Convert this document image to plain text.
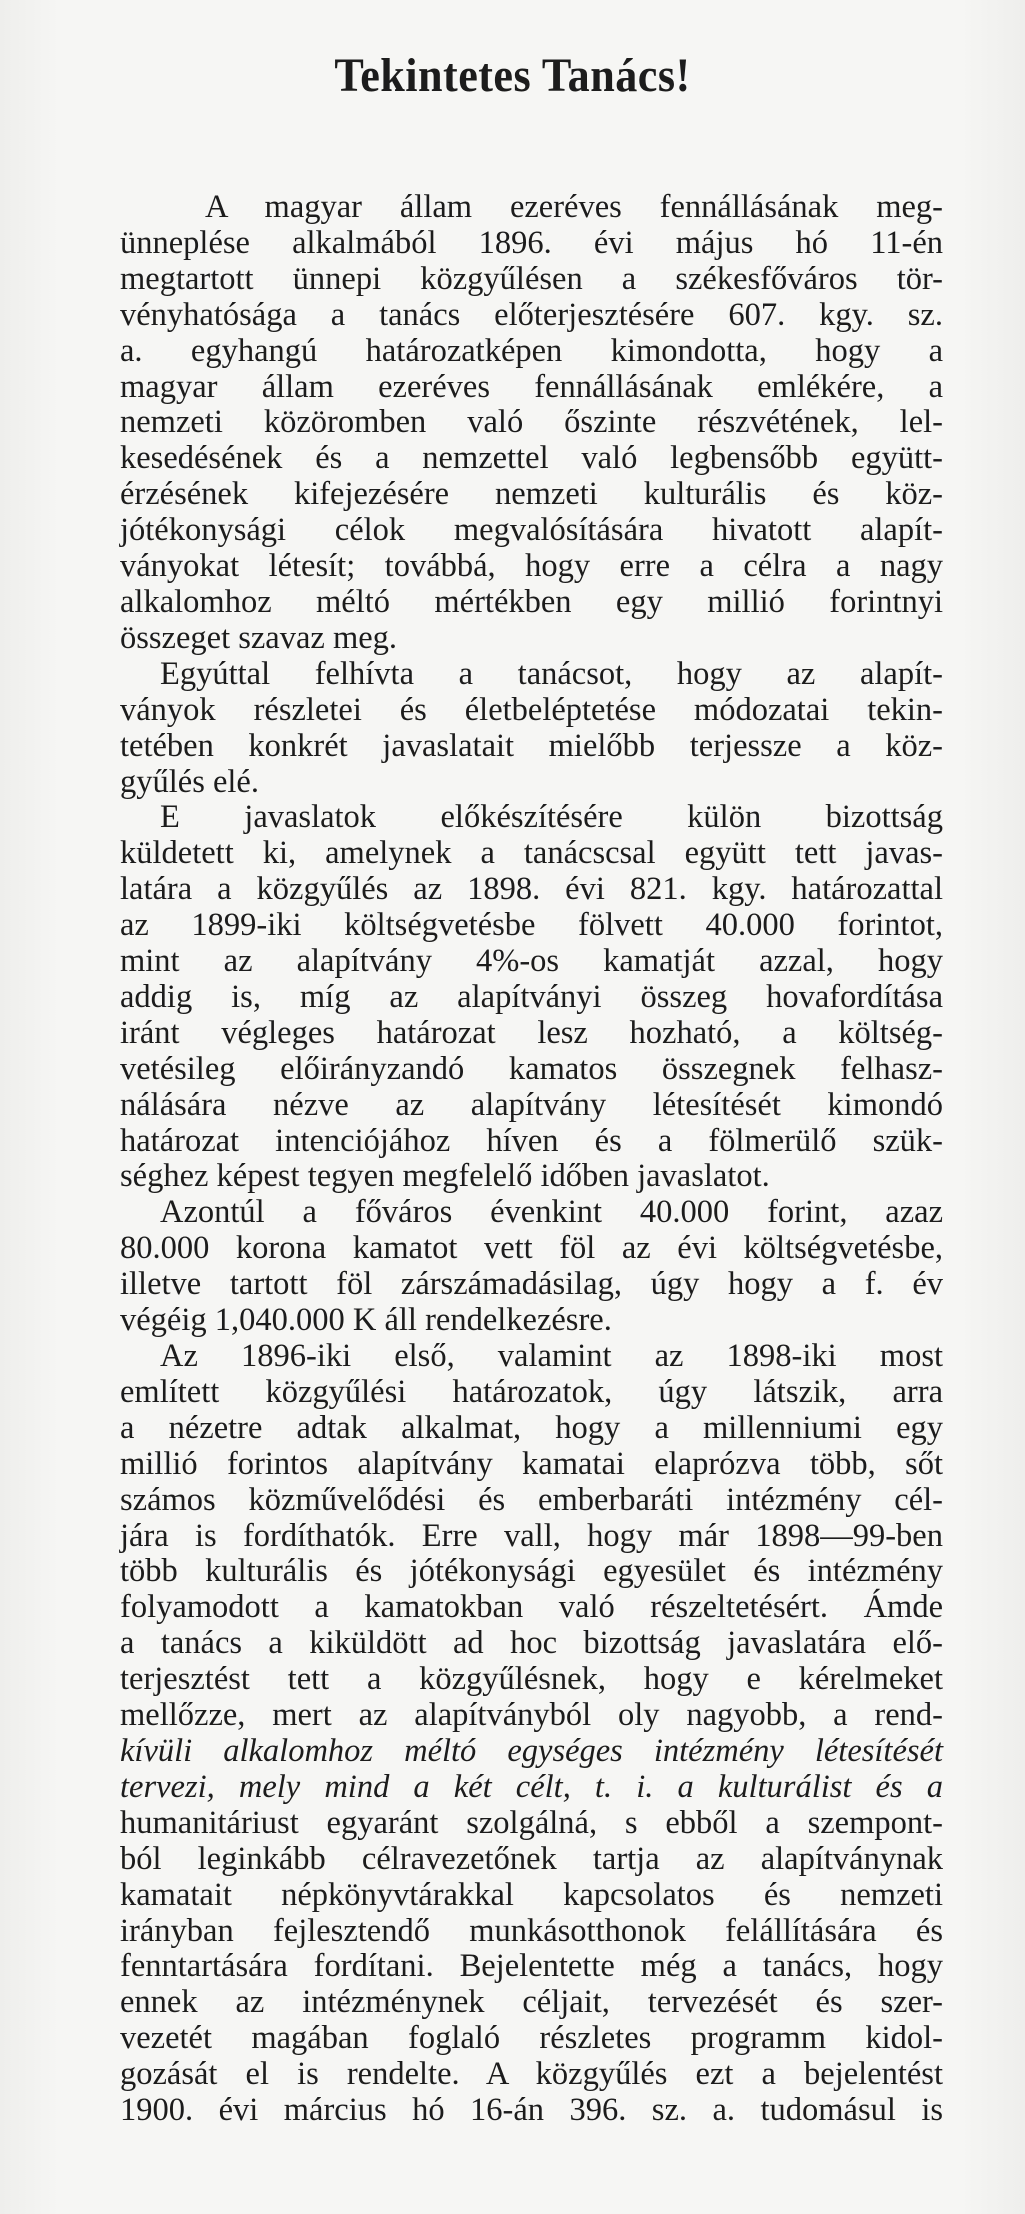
Tekintetes Tanács!
A magyar állam ezeréves fennállásának meg-
ünneplése alkalmából 1896. évi május hó 11-én
megtartott ünnepi közgyűlésen a székesfőváros tör-
vényhatósága a tanács előterjesztésére 607. kgy. sz.
a. egyhangú határozatképen kimondotta, hogy a
magyar állam ezeréves fennállásának emlékére, a
nemzeti közöromben való őszinte részvétének, lel-
kesedésének és a nemzettel való legbensőbb együtt-
érzésének kifejezésére nemzeti kulturális és köz-
jótékonysági célok megvalósítására hivatott alapít-
ványokat létesít; továbbá, hogy erre a célra a nagy
alkalomhoz méltó mértékben egy millió forintnyi
összeget szavaz meg.
Egyúttal felhívta a tanácsot, hogy az alapít-
ványok részletei és életbeléptetése módozatai tekin-
tetében konkrét javaslatait mielőbb terjessze a köz-
gyűlés elé.
E javaslatok előkészítésére külön bizottság
küldetett ki, amelynek a tanácscsal együtt tett javas-
latára a közgyűlés az 1898. évi 821. kgy. határozattal
az 1899-iki költségvetésbe fölvett 40.000 forintot,
mint az alapítvány 4%-os kamatját azzal, hogy
addig is, míg az alapítványi összeg hovafordítása
iránt végleges határozat lesz hozható, a költség-
vetésileg előirányzandó kamatos összegnek felhasz-
nálására nézve az alapítvány létesítését kimondó
határozat intenciójához híven és a fölmerülő szük-
séghez képest tegyen megfelelő időben javaslatot.
Azontúl a főváros évenkint 40.000 forint, azaz
80.000 korona kamatot vett föl az évi költségvetésbe,
illetve tartott föl zárszámadásilag, úgy hogy a f. év
végéig 1,040.000 K áll rendelkezésre.
Az 1896-iki első, valamint az 1898-iki most
említett közgyűlési határozatok, úgy látszik, arra
a nézetre adtak alkalmat, hogy a millenniumi egy
millió forintos alapítvány kamatai elaprózva több, sőt
számos közművelődési és emberbaráti intézmény cél-
jára is fordíthatók. Erre vall, hogy már 1898—99-ben
több kulturális és jótékonysági egyesület és intézmény
folyamodott a kamatokban való részeltetésért. Ámde
a tanács a kiküldött ad hoc bizottság javaslatára elő-
terjesztést tett a közgyűlésnek, hogy e kérelmeket
mellőzze, mert az alapítványból oly nagyobb, a rend-
kívüli alkalomhoz méltó egységes intézmény létesítését
tervezi, mely mind a két célt, t. i. a kulturálist és a
humanitáriust egyaránt szolgálná, s ebből a szempont-
ból leginkább célravezetőnek tartja az alapítványnak
kamatait népkönyvtárakkal kapcsolatos és nemzeti
irányban fejlesztendő munkásotthonok felállítására és
fenntartására fordítani. Bejelentette még a tanács, hogy
ennek az intézménynek céljait, tervezését és szer-
vezetét magában foglaló részletes programm kidol-
gozását el is rendelte. A közgyűlés ezt a bejelentést
1900. évi március hó 16-án 396. sz. a. tudomásul is
